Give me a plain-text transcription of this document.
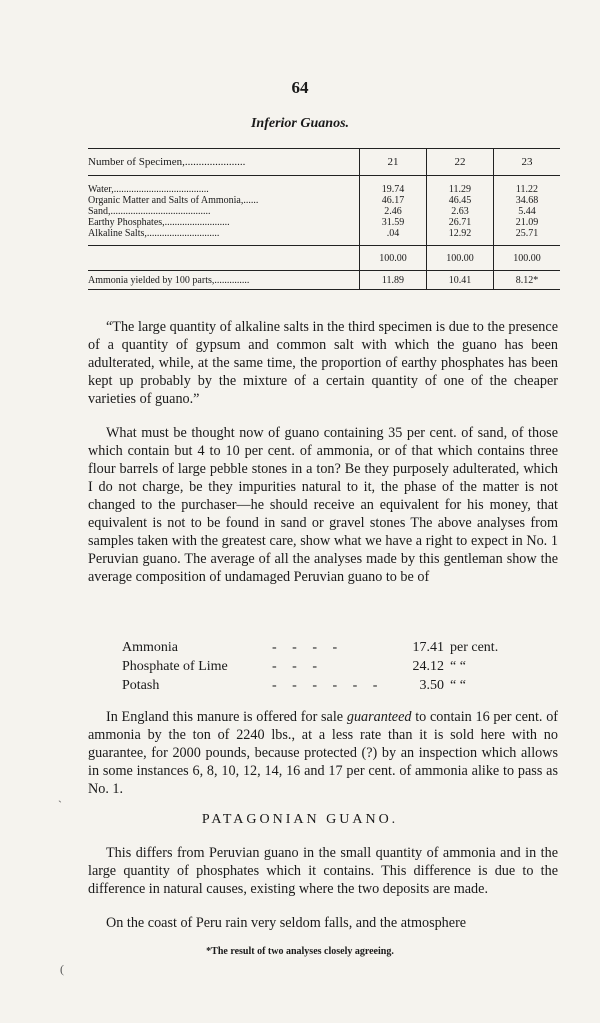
64
Inferior Guanos.
Number of Specimen,......................	21	22	23
Water,......................................	19.74	11.29	11.22
Organic Matter and Salts of Ammonia,......	46.17	46.45	34.68
Sand,........................................	2.46	2.63	5.44
Earthy Phosphates,..........................	31.59	26.71	21.09
Alkaline Salts,.............................	.04	12.92	25.71
	100.00	100.00	100.00
Ammonia yielded by 100 parts,..............	11.89	10.41	8.12*

“The large quantity of alkaline salts in the third specimen is due to the presence of a quantity of gypsum and common salt with which the guano has been adulterated, while, at the same time, the proportion of earthy phosphates has been kept up probably by the mixture of a certain quantity of one of the cheaper varieties of guano.”

What must be thought now of guano containing 35 per cent. of sand, of those which contain but 4 to 10 per cent. of ammonia, or of that which contains three flour barrels of large pebble stones in a ton? Be they purposely adulterated, which I do not charge, be they impurities natural to it, the phase of the matter is not changed to the purchaser—he should receive an equivalent for his money, that equivalent is not to be found in sand or gravel stones The above analyses from samples taken with the greatest care, show what we have a right to expect in No. 1 Peruvian guano. The average of all the analyses made by this gentleman show the average composition of undamaged Peruvian guano to be of

Ammonia	- - - -	17.41	per cent.
Phosphate of Lime	- - -	24.12	“ “
Potash	- - - - - -	3.50	“ “

In England this manure is offered for sale guaranteed to contain 16 per cent. of ammonia by the ton of 2240 lbs., at a less rate than it is sold here with no guarantee, for 2000 pounds, because protected (?) by an inspection which allows in some instances 6, 8, 10, 12, 14, 16 and 17 per cent. of ammonia alike to pass as No. 1.

PATAGONIAN GUANO.

This differs from Peruvian guano in the small quantity of ammonia and in the large quantity of phosphates which it contains. This difference is due to the difference in natural causes, existing where the two deposits are made.

On the coast of Peru rain very seldom falls, and the atmosphere

*The result of two analyses closely agreeing.
`
(
